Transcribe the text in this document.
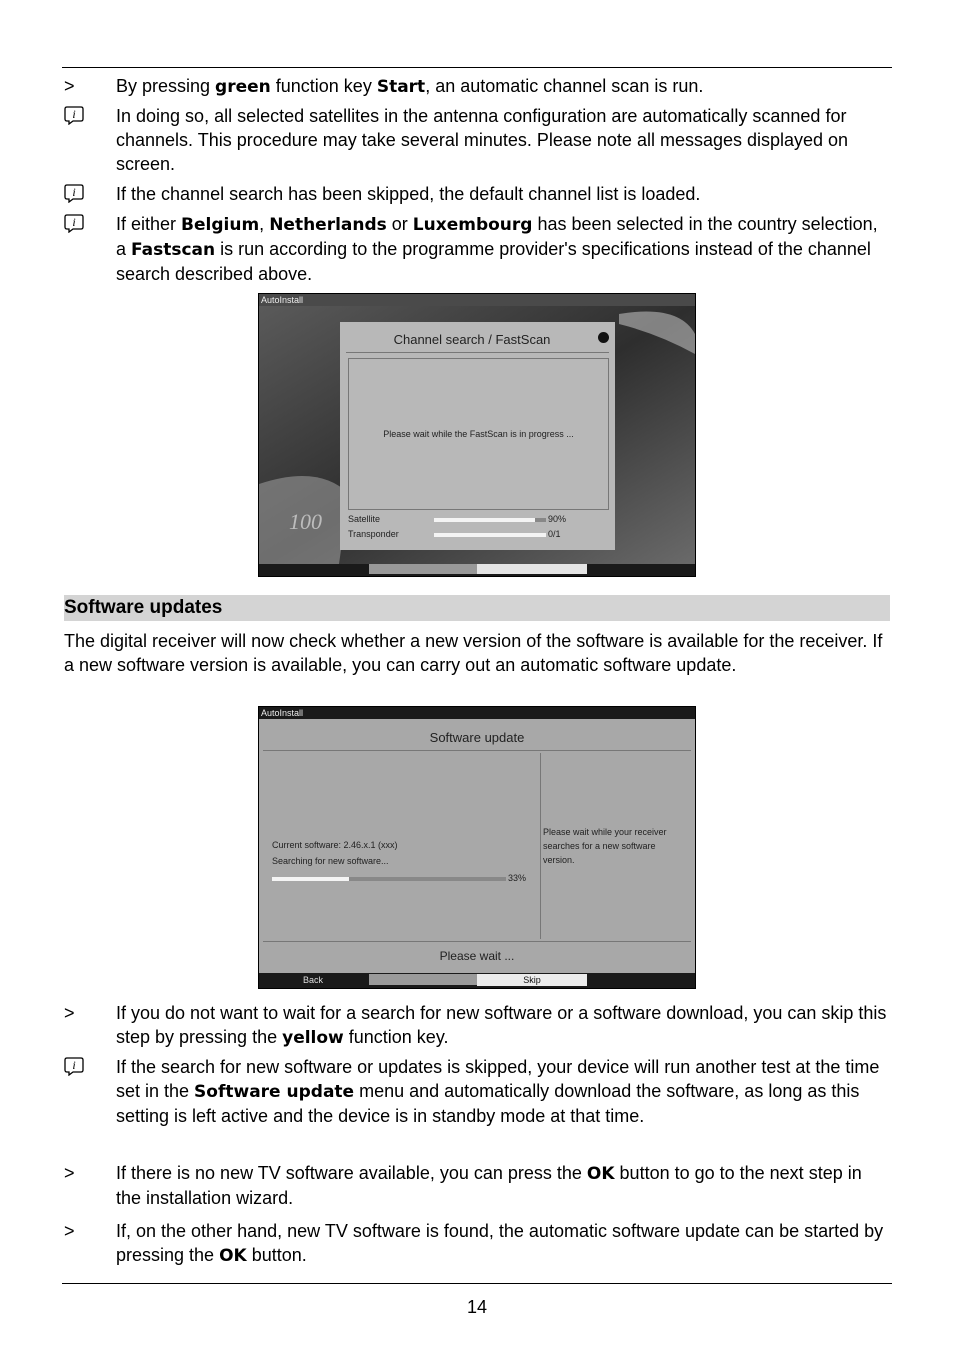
>	By pressing green function key Start, an automatic channel scan is run.
i In doing so, all selected satellites in the antenna configuration are automatically scanned for channels. This procedure may take several minutes. Please note all messages displayed on screen.
i If the channel search has been skipped, the default channel list is loaded.
i If either Belgium, Netherlands or Luxembourg has been selected in the country selection, a Fastscan is run according to the programme provider's specifications instead of the channel search described above.
100
AutoInstall
Channel search / FastScan
Please wait while the FastScan is in progress ...
Satellite	90%
Transponder	0/1
Software updates
The digital receiver will now check whether a new version of the software is available for the receiver. If a new software version is available, you can carry out an automatic software update.
AutoInstall
Software update
Current software: 2.46.x.1 (xxx)
Searching for new software...
33%
Please wait while your receiver searches for a new software version.
Please wait ...
Back	Skip
>	If you do not want to wait for a search for new software or a software download, you can skip this step by pressing the yellow function key.
i If the search for new software or updates is skipped, your device will run another test at the time set in the Software update menu and automatically download the software, as long as this setting is left active and the device is in standby mode at that time.
>	If there is no new TV software available, you can press the OK button to go to the next step in the installation wizard.
>	If, on the other hand, new TV software is found, the automatic software update can be started by pressing the OK button.
14
